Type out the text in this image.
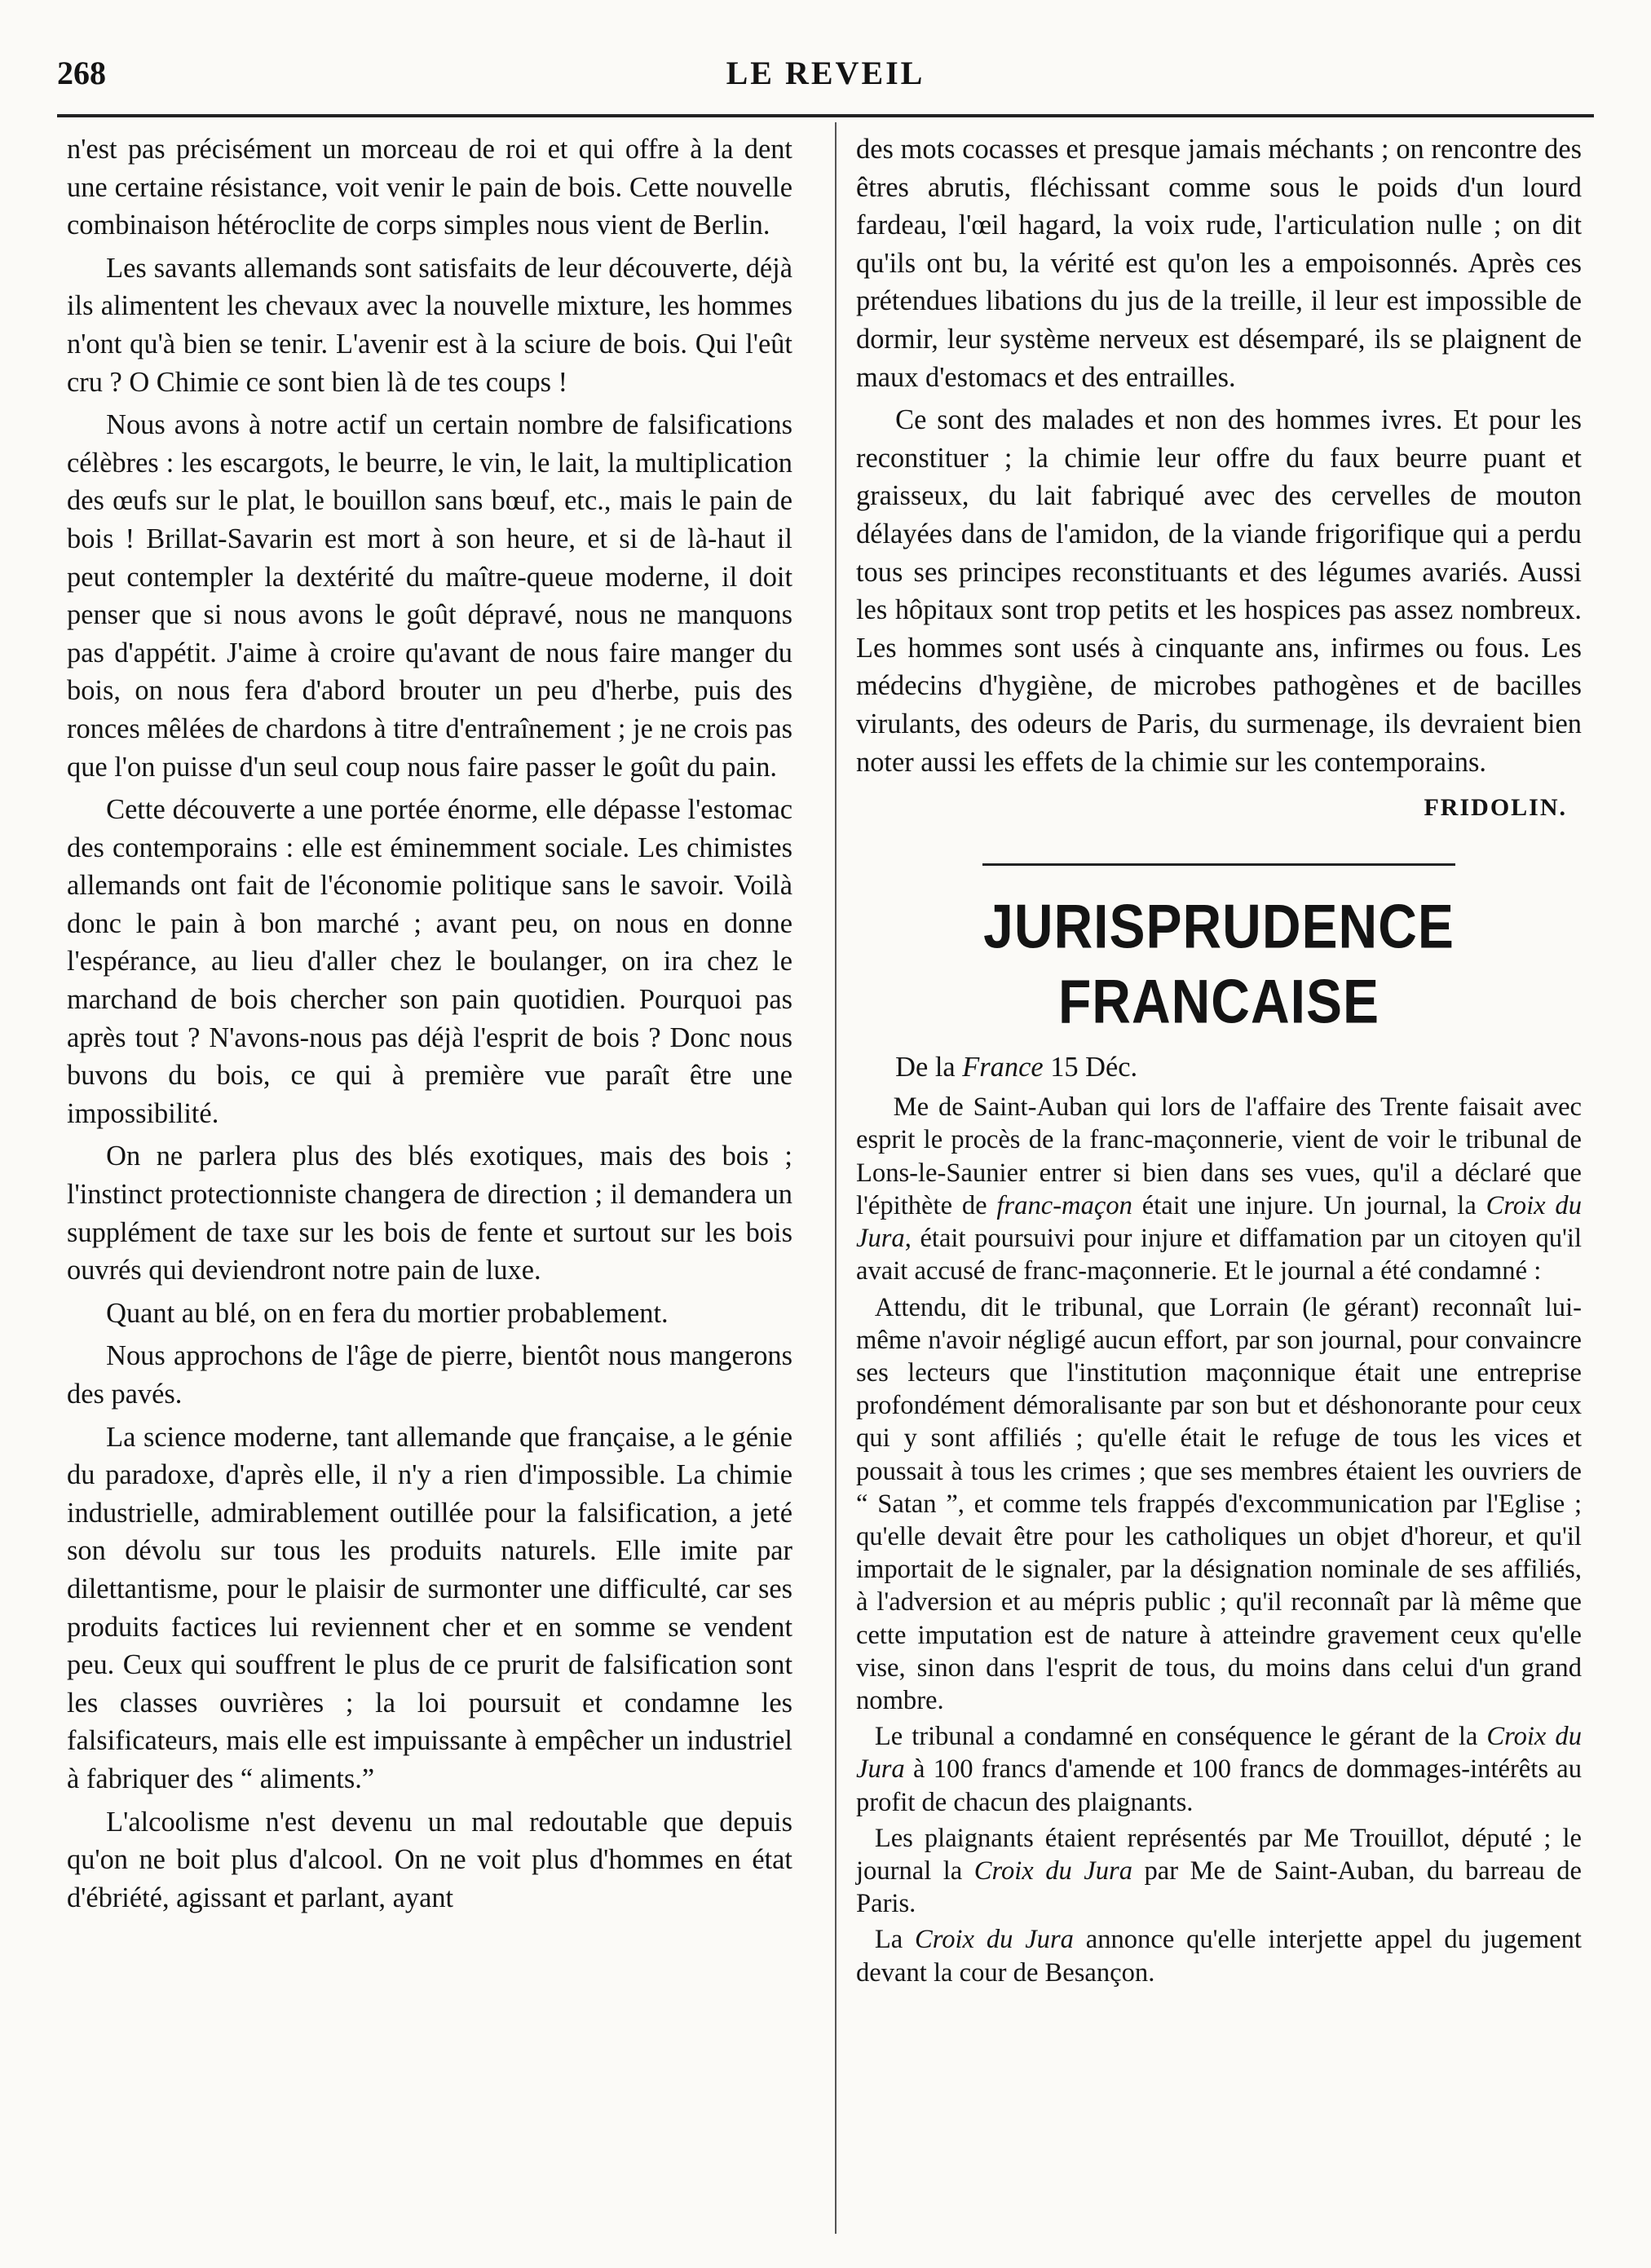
268	LE REVEIL

n'est pas précisément un morceau de roi et qui offre à la dent une certaine résistance, voit venir le pain de bois. Cette nouvelle combinaison hétéroclite de corps simples nous vient de Berlin.

Les savants allemands sont satisfaits de leur découverte, déjà ils alimentent les chevaux avec la nouvelle mixture, les hommes n'ont qu'à bien se tenir. L'avenir est à la sciure de bois. Qui l'eût cru ? O Chimie ce sont bien là de tes coups !

Nous avons à notre actif un certain nombre de falsifications célèbres : les escargots, le beurre, le vin, le lait, la multiplication des œufs sur le plat, le bouillon sans bœuf, etc., mais le pain de bois ! Brillat-Savarin est mort à son heure, et si de là-haut il peut contempler la dextérité du maître-queue moderne, il doit penser que si nous avons le goût dépravé, nous ne manquons pas d'appétit. J'aime à croire qu'avant de nous faire manger du bois, on nous fera d'abord brouter un peu d'herbe, puis des ronces mêlées de chardons à titre d'entraînement ; je ne crois pas que l'on puisse d'un seul coup nous faire passer le goût du pain.

Cette découverte a une portée énorme, elle dépasse l'estomac des contemporains : elle est éminemment sociale. Les chimistes allemands ont fait de l'économie politique sans le savoir. Voilà donc le pain à bon marché ; avant peu, on nous en donne l'espérance, au lieu d'aller chez le boulanger, on ira chez le marchand de bois chercher son pain quotidien. Pourquoi pas après tout ? N'avons-nous pas déjà l'esprit de bois ? Donc nous buvons du bois, ce qui à première vue paraît être une impossibilité.

On ne parlera plus des blés exotiques, mais des bois ; l'instinct protectionniste changera de direction ; il demandera un supplément de taxe sur les bois de fente et surtout sur les bois ouvrés qui deviendront notre pain de luxe.

Quant au blé, on en fera du mortier probablement.

Nous approchons de l'âge de pierre, bientôt nous mangerons des pavés.

La science moderne, tant allemande que française, a le génie du paradoxe, d'après elle, il n'y a rien d'impossible. La chimie industrielle, admirablement outillée pour la falsification, a jeté son dévolu sur tous les produits naturels. Elle imite par dilettantisme, pour le plaisir de surmonter une difficulté, car ses produits factices lui reviennent cher et en somme se vendent peu. Ceux qui souffrent le plus de ce prurit de falsification sont les classes ouvrières ; la loi poursuit et condamne les falsificateurs, mais elle est impuissante à empêcher un industriel à fabriquer des “ aliments.”

L'alcoolisme n'est devenu un mal redoutable que depuis qu'on ne boit plus d'alcool. On ne voit plus d'hommes en état d'ébriété, agissant et parlant, ayant

des mots cocasses et presque jamais méchants ; on rencontre des êtres abrutis, fléchissant comme sous le poids d'un lourd fardeau, l'œil hagard, la voix rude, l'articulation nulle ; on dit qu'ils ont bu, la vérité est qu'on les a empoisonnés. Après ces prétendues libations du jus de la treille, il leur est impossible de dormir, leur système nerveux est désemparé, ils se plaignent de maux d'estomacs et des entrailles.

Ce sont des malades et non des hommes ivres. Et pour les reconstituer ; la chimie leur offre du faux beurre puant et graisseux, du lait fabriqué avec des cervelles de mouton délayées dans de l'amidon, de la viande frigorifique qui a perdu tous ses principes reconstituants et des légumes avariés. Aussi les hôpitaux sont trop petits et les hospices pas assez nombreux. Les hommes sont usés à cinquante ans, infirmes ou fous. Les médecins d'hygiène, de microbes pathogènes et de bacilles virulants, des odeurs de Paris, du surmenage, ils devraient bien noter aussi les effets de la chimie sur les contemporains.

FRIDOLIN.
JURISPRUDENCE FRANCAISE

De la France 15 Déc.

Me de Saint-Auban qui lors de l'affaire des Trente faisait avec esprit le procès de la franc-maçonnerie, vient de voir le tribunal de Lons-le-Saunier entrer si bien dans ses vues, qu'il a déclaré que l'épithète de franc-maçon était une injure. Un journal, la Croix du Jura, était poursuivi pour injure et diffamation par un citoyen qu'il avait accusé de franc-maçonnerie. Et le journal a été condamné :

Attendu, dit le tribunal, que Lorrain (le gérant) reconnaît lui-même n'avoir négligé aucun effort, par son journal, pour convaincre ses lecteurs que l'institution maçonnique était une entreprise profondément démoralisante par son but et déshonorante pour ceux qui y sont affiliés ; qu'elle était le refuge de tous les vices et poussait à tous les crimes ; que ses membres étaient les ouvriers de “ Satan ”, et comme tels frappés d'excommunication par l'Eglise ; qu'elle devait être pour les catholiques un objet d'horeur, et qu'il importait de le signaler, par la désignation nominale de ses affiliés, à l'adversion et au mépris public ; qu'il reconnaît par là même que cette imputation est de nature à atteindre gravement ceux qu'elle vise, sinon dans l'esprit de tous, du moins dans celui d'un grand nombre.

Le tribunal a condamné en conséquence le gérant de la Croix du Jura à 100 francs d'amende et 100 francs de dommages-intérêts au profit de chacun des plaignants.

Les plaignants étaient représentés par Me Trouillot, député ; le journal la Croix du Jura par Me de Saint-Auban, du barreau de Paris.

La Croix du Jura annonce qu'elle interjette appel du jugement devant la cour de Besançon.
